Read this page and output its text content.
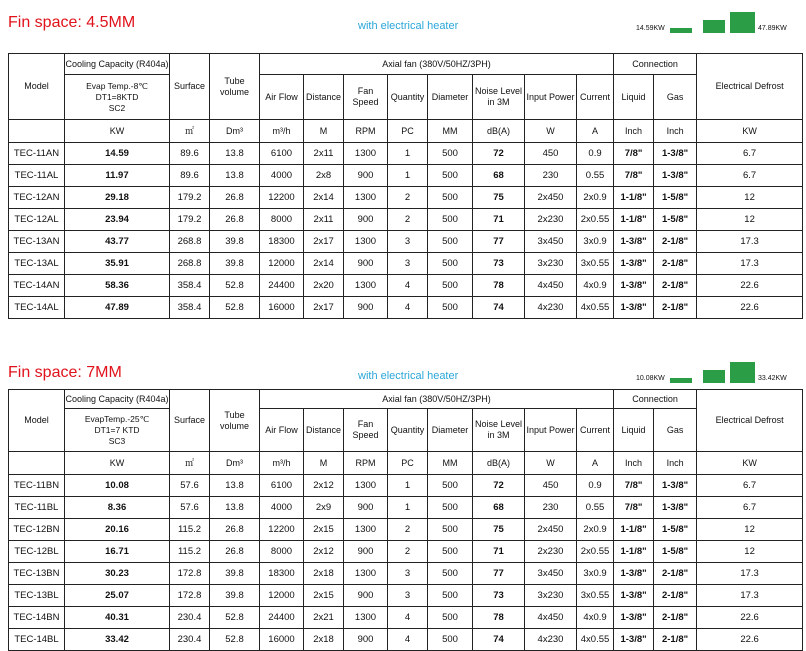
Fin space: 4.5MM	with electrical heater	14.59KW	47.89KW
Model	Cooling Capacity (R404a)	Surface	Tube volume	Axial fan (380V/50HZ/3PH)								Connection		Electrical Defrost

	Evap Temp.-8℃
DT1=8KTD
SC2			Air Flow	Distance	Fan Speed	Quantity	Diameter	Noise Level in 3M	Input Power	Current	Liquid	Gas	
	KW	㎡	Dm³	m³/h	M	RPM	PC	MM	dB(A)	W	A	Inch	Inch	KW
TEC-11AN	14.59	89.6	13.8	6100	2x11	1300	1	500	72	450	0.9	7/8"	1-3/8"	6.7
TEC-11AL	11.97	89.6	13.8	4000	2x8	900	1	500	68	230	0.55	7/8"	1-3/8"	6.7
TEC-12AN	29.18	179.2	26.8	12200	2x14	1300	2	500	75	2x450	2x0.9	1-1/8"	1-5/8"	12
TEC-12AL	23.94	179.2	26.8	8000	2x11	900	2	500	71	2x230	2x0.55	1-1/8"	1-5/8"	12
TEC-13AN	43.77	268.8	39.8	18300	2x17	1300	3	500	77	3x450	3x0.9	1-3/8"	2-1/8"	17.3
TEC-13AL	35.91	268.8	39.8	12000	2x14	900	3	500	73	3x230	3x0.55	1-3/8"	2-1/8"	17.3
TEC-14AN	58.36	358.4	52.8	24400	2x20	1300	4	500	78	4x450	4x0.9	1-3/8"	2-1/8"	22.6
TEC-14AL	47.89	358.4	52.8	16000	2x17	900	4	500	74	4x230	4x0.55	1-3/8"	2-1/8"	22.6
Fin space: 7MM	with electrical heater	10.08KW	33.42KW
Model	Cooling Capacity (R404a)	Surface	Tube volume	Axial fan (380V/50HZ/3PH)								Connection		Electrical Defrost

	EvapTemp.-25℃
DT1=7 KTD
SC3			Air Flow	Distance	Fan Speed	Quantity	Diameter	Noise Level in 3M	Input Power	Current	Liquid	Gas	
	KW	㎡	Dm³	m³/h	M	RPM	PC	MM	dB(A)	W	A	Inch	Inch	KW
TEC-11BN	10.08	57.6	13.8	6100	2x12	1300	1	500	72	450	0.9	7/8"	1-3/8"	6.7
TEC-11BL	8.36	57.6	13.8	4000	2x9	900	1	500	68	230	0.55	7/8"	1-3/8"	6.7
TEC-12BN	20.16	115.2	26.8	12200	2x15	1300	2	500	75	2x450	2x0.9	1-1/8"	1-5/8"	12
TEC-12BL	16.71	115.2	26.8	8000	2x12	900	2	500	71	2x230	2x0.55	1-1/8"	1-5/8"	12
TEC-13BN	30.23	172.8	39.8	18300	2x18	1300	3	500	77	3x450	3x0.9	1-3/8"	2-1/8"	17.3
TEC-13BL	25.07	172.8	39.8	12000	2x15	900	3	500	73	3x230	3x0.55	1-3/8"	2-1/8"	17.3
TEC-14BN	40.31	230.4	52.8	24400	2x21	1300	4	500	78	4x450	4x0.9	1-3/8"	2-1/8"	22.6
TEC-14BL	33.42	230.4	52.8	16000	2x18	900	4	500	74	4x230	4x0.55	1-3/8"	2-1/8"	22.6
